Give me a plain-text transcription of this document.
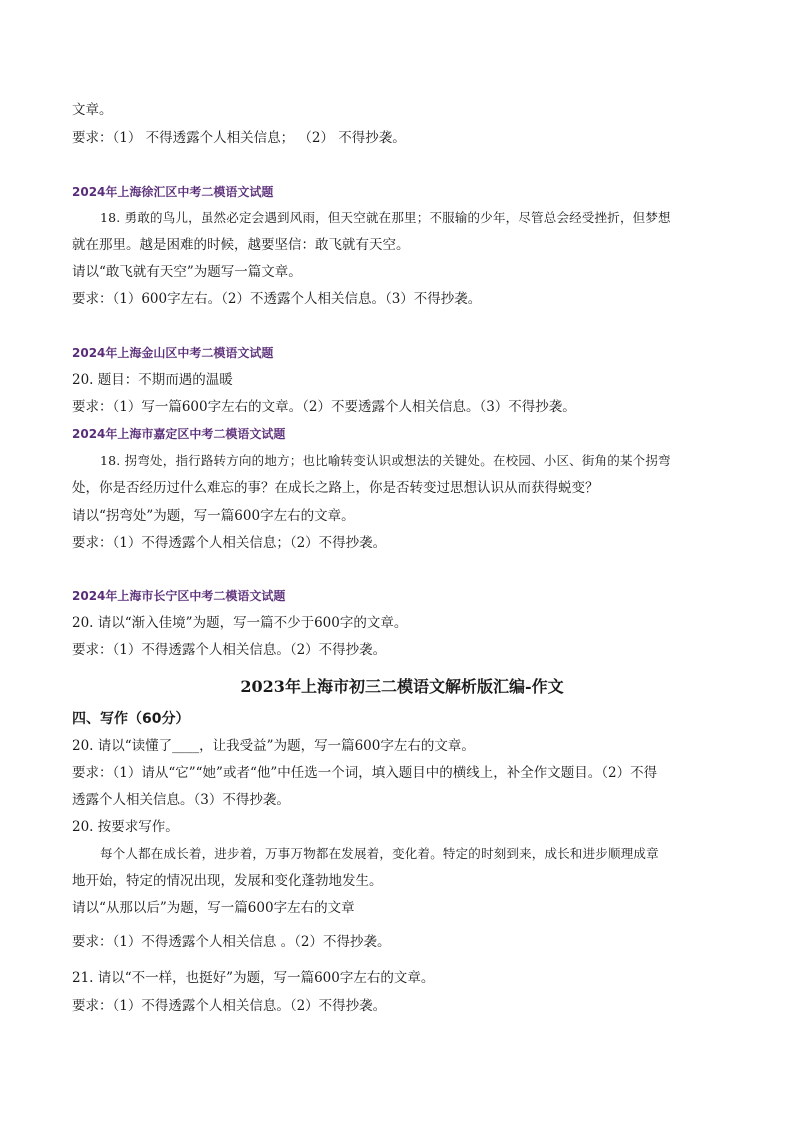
文章。
要求：（1） 不得透露个人相关信息； （2） 不得抄袭。
2024年上海徐汇区中考二模语文试题
18. 勇敢的鸟儿，虽然必定会遇到风雨，但天空就在那里；不服输的少年，尽管总会经受挫折，但梦想
就在那里。越是困难的时候，越要坚信：敢飞就有天空。
请以“敢飞就有天空”为题写一篇文章。
要求：（1）600字左右。（2）不透露个人相关信息。（3）不得抄袭。
2024年上海金山区中考二模语文试题
20. 题目：不期而遇的温暖
要求：（1）写一篇600字左右的文章。（2）不要透露个人相关信息。（3）不得抄袭。
2024年上海市嘉定区中考二模语文试题
18. 拐弯处，指行路转方向的地方；也比喻转变认识或想法的关键处。在校园、小区、街角的某个拐弯
处，你是否经历过什么难忘的事？在成长之路上，你是否转变过思想认识从而获得蜕变？
请以“拐弯处”为题，写一篇600字左右的文章。
要求：（1）不得透露个人相关信息；（2）不得抄袭。
2024年上海市长宁区中考二模语文试题
20. 请以“渐入佳境”为题，写一篇不少于600字的文章。
要求：（1）不得透露个人相关信息。（2）不得抄袭。
2023年上海市初三二模语文解析版汇编-作文
四、写作（60分）
20. 请以“读懂了____，让我受益”为题，写一篇600字左右的文章。
要求：（1）请从“它”“她”或者“他”中任选一个词，填入题目中的横线上，补全作文题目。（2）不得
透露个人相关信息。（3）不得抄袭。
20. 按要求写作。
每个人都在成长着，进步着，万事万物都在发展着，变化着。特定的时刻到来，成长和进步顺理成章
地开始，特定的情况出现，发展和变化蓬勃地发生。
请以“从那以后”为题，写一篇600字左右的文章
要求：（1）不得透露个人相关信息 。（2）不得抄袭。
21. 请以“不一样，也挺好”为题，写一篇600字左右的文章。
要求：（1）不得透露个人相关信息。（2）不得抄袭。
